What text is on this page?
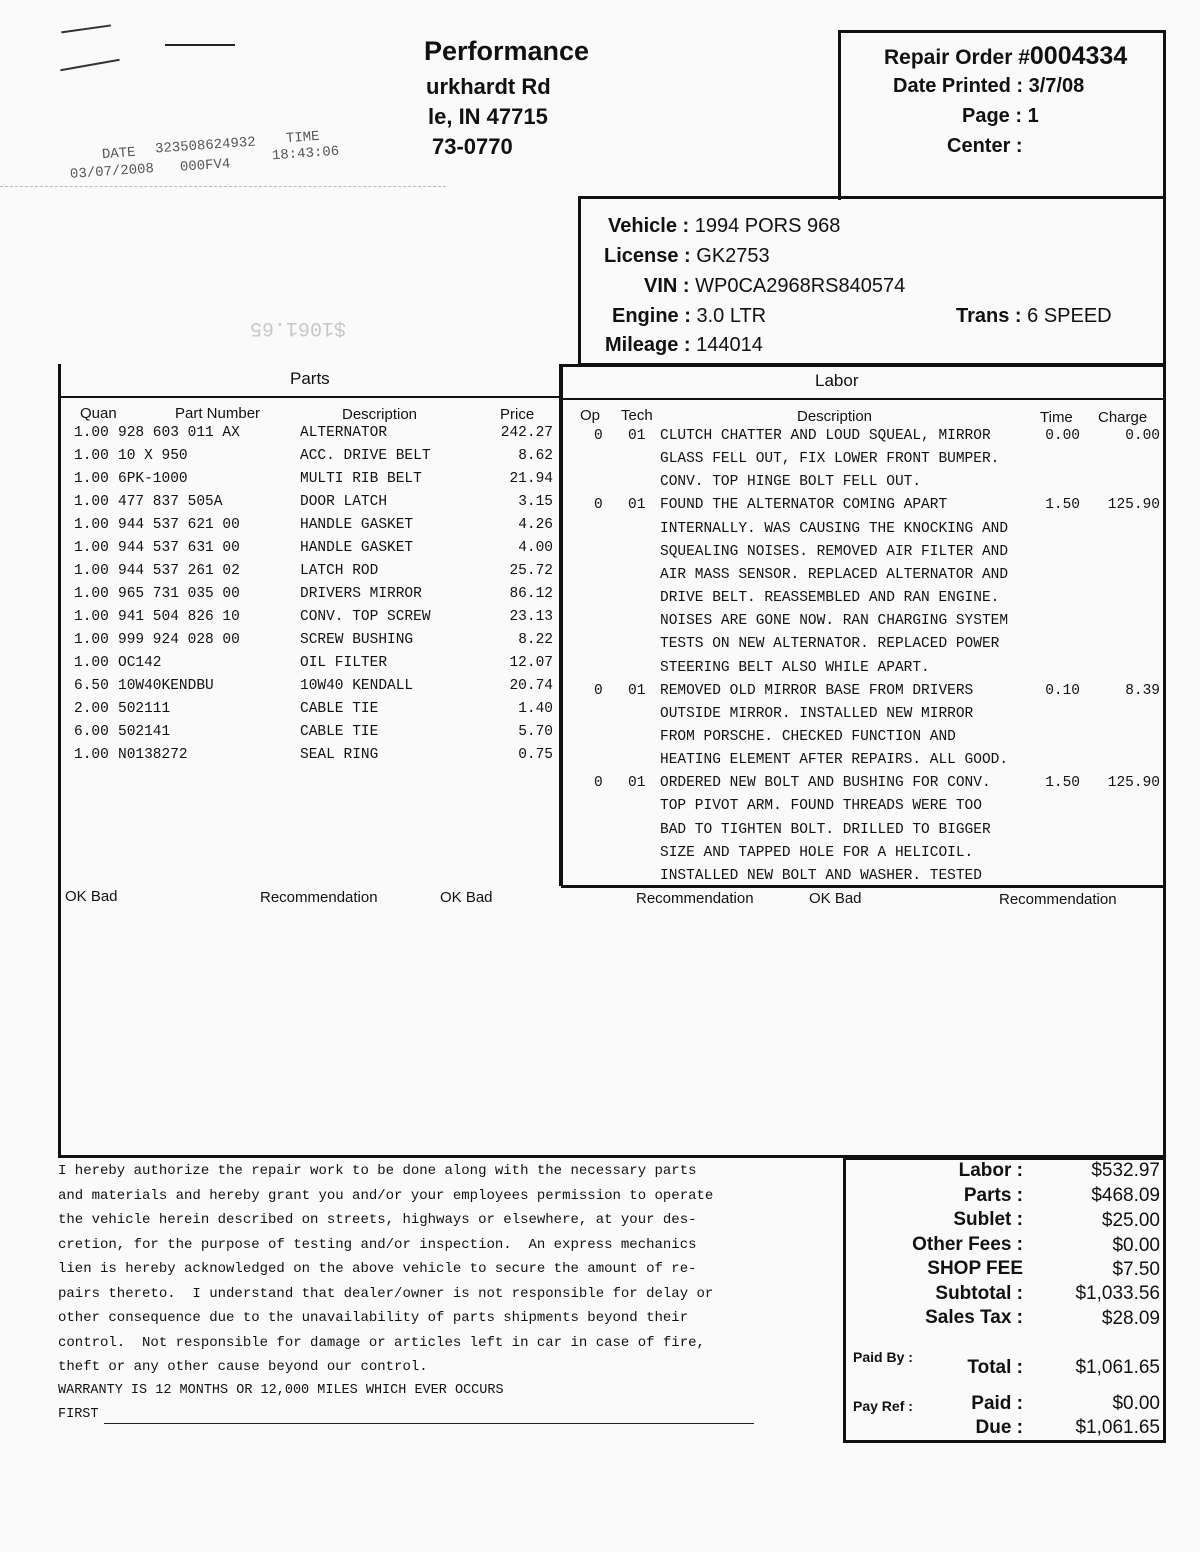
Performance
urkhardt Rd
le, IN 47715
73-0770
DATE 323508624932 TIME
03/07/2008 000FV4
18:43:06
$1061.65
Repair Order #0004334
Date Printed : 3/7/08
Page : 1
Center :
Vehicle : 1994 PORS 968
License : GK2753
VIN : WP0CA2968RS840574
Engine : 3.0 LTR	Trans : 6 SPEED
Mileage : 144014
Parts	Labor
Quan	Part Number	Description	Price	Op Tech	Description	Time Charge
1.00 928 603 011 AX	ALTERNATOR	242.27
1.00 10 X 950	ACC. DRIVE BELT	8.62
1.00 6PK-1000	MULTI RIB BELT	21.94
1.00 477 837 505A	DOOR LATCH	3.15
1.00 944 537 621 00	HANDLE GASKET	4.26
1.00 944 537 631 00	HANDLE GASKET	4.00
1.00 944 537 261 02	LATCH ROD	25.72
1.00 965 731 035 00	DRIVERS MIRROR	86.12
1.00 941 504 826 10	CONV. TOP SCREW	23.13
1.00 999 924 028 00	SCREW BUSHING	8.22
1.00 OC142	OIL FILTER	12.07
6.50 10W40KENDBU	10W40 KENDALL	20.74
2.00 502111	CABLE TIE	1.40
6.00 502141	CABLE TIE	5.70
1.00 N0138272	SEAL RING	0.75
0 01 CLUTCH CHATTER AND LOUD SQUEAL, MIRROR	0.00	0.00
GLASS FELL OUT, FIX LOWER FRONT BUMPER.
CONV. TOP HINGE BOLT FELL OUT.
0 01 FOUND THE ALTERNATOR COMING APART	1.50	125.90
INTERNALLY. WAS CAUSING THE KNOCKING AND
SQUEALING NOISES. REMOVED AIR FILTER AND
AIR MASS SENSOR. REPLACED ALTERNATOR AND
DRIVE BELT. REASSEMBLED AND RAN ENGINE.
NOISES ARE GONE NOW. RAN CHARGING SYSTEM
TESTS ON NEW ALTERNATOR. REPLACED POWER
STEERING BELT ALSO WHILE APART.
0 01 REMOVED OLD MIRROR BASE FROM DRIVERS	0.10	8.39
OUTSIDE MIRROR. INSTALLED NEW MIRROR
FROM PORSCHE. CHECKED FUNCTION AND
HEATING ELEMENT AFTER REPAIRS. ALL GOOD.
0 01 ORDERED NEW BOLT AND BUSHING FOR CONV.	1.50	125.90
TOP PIVOT ARM. FOUND THREADS WERE TOO
BAD TO TIGHTEN BOLT. DRILLED TO BIGGER
SIZE AND TAPPED HOLE FOR A HELICOIL.
INSTALLED NEW BOLT AND WASHER. TESTED
OK Bad	Recommendation	OK Bad	Recommendation	OK Bad	Recommendation
I hereby authorize the repair work to be done along with the necessary parts
and materials and hereby grant you and/or your employees permission to operate
the vehicle herein described on streets, highways or elsewhere, at your des-
cretion, for the purpose of testing and/or inspection.  An express mechanics
lien is hereby acknowledged on the above vehicle to secure the amount of re-
pairs thereto.  I understand that dealer/owner is not responsible for delay or
other consequence due to the unavailability of parts shipments beyond their
control.  Not responsible for damage or articles left in car in case of fire,
theft or any other cause beyond our control.
WARRANTY IS 12 MONTHS OR 12,000 MILES WHICH EVER OCCURS
FIRST
Labor :	$532.97
Parts :	$468.09
Sublet :	$25.00
Other Fees :	$0.00
SHOP FEE	$7.50
Subtotal :	$1,033.56
Sales Tax :	$28.09
Paid By :	Total :	$1,061.65
Pay Ref :	Paid :	$0.00
Due :	$1,061.65
